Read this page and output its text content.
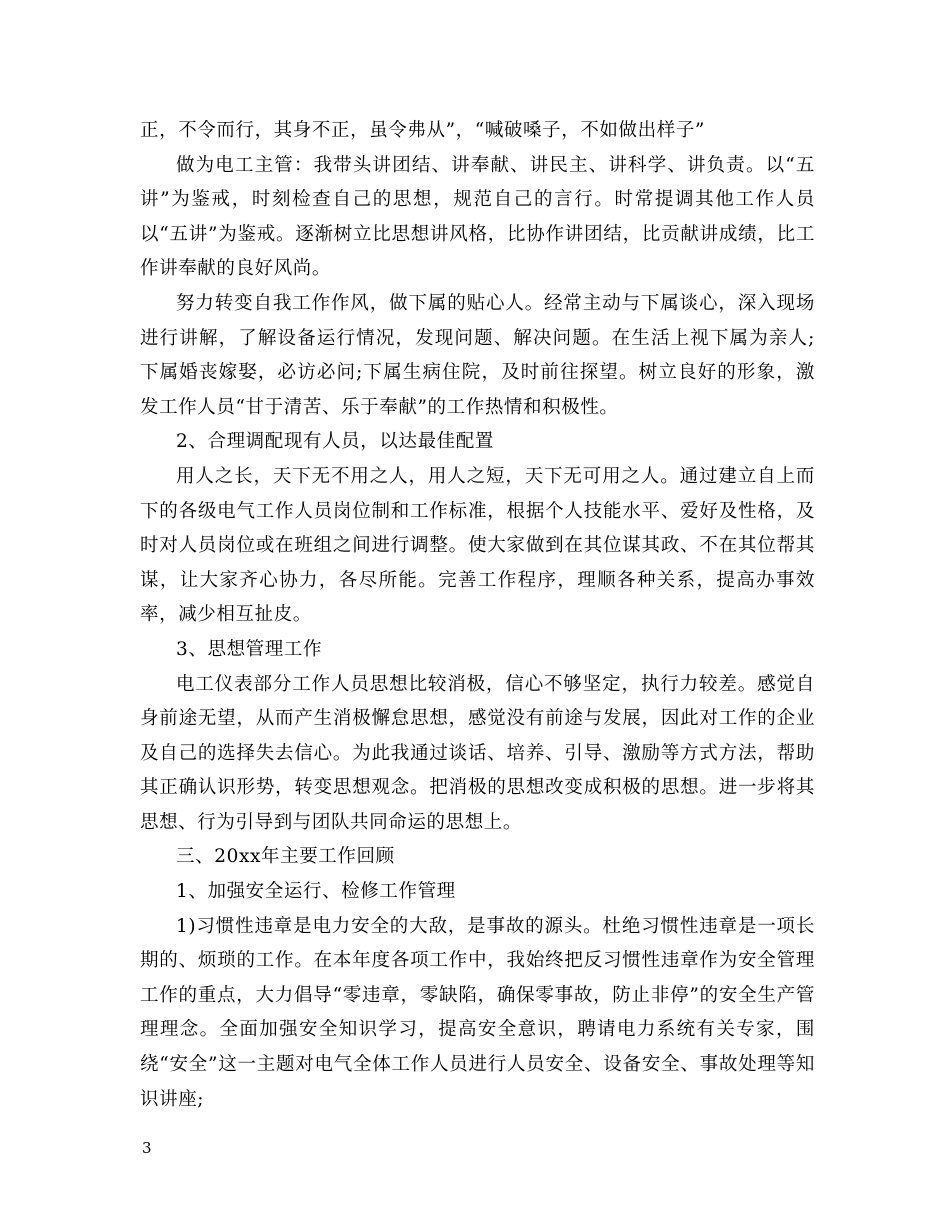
正，不令而行，其身不正，虽令弗从”，“喊破嗓子，不如做出样子”

做为电工主管：我带头讲团结、讲奉献、讲民主、讲科学、讲负责。以“五讲”为鉴戒，时刻检查自己的思想，规范自己的言行。时常提调其他工作人员以“五讲”为鉴戒。逐渐树立比思想讲风格，比协作讲团结，比贡献讲成绩，比工作讲奉献的良好风尚。

努力转变自我工作作风，做下属的贴心人。经常主动与下属谈心，深入现场进行讲解，了解设备运行情况，发现问题、解决问题。在生活上视下属为亲人;下属婚丧嫁娶，必访必问;下属生病住院，及时前往探望。树立良好的形象，激发工作人员“甘于清苦、乐于奉献”的工作热情和积极性。

2、合理调配现有人员，以达最佳配置

用人之长，天下无不用之人，用人之短，天下无可用之人。通过建立自上而下的各级电气工作人员岗位制和工作标准，根据个人技能水平、爱好及性格，及时对人员岗位或在班组之间进行调整。使大家做到在其位谋其政、不在其位帮其谋，让大家齐心协力，各尽所能。完善工作程序，理顺各种关系，提高办事效率，减少相互扯皮。

3、思想管理工作

电工仪表部分工作人员思想比较消极，信心不够坚定，执行力较差。感觉自身前途无望，从而产生消极懈怠思想，感觉没有前途与发展，因此对工作的企业及自己的选择失去信心。为此我通过谈话、培养、引导、激励等方式方法，帮助其正确认识形势，转变思想观念。把消极的思想改变成积极的思想。进一步将其思想、行为引导到与团队共同命运的思想上。

三、20xx年主要工作回顾

1、加强安全运行、检修工作管理

1)习惯性违章是电力安全的大敌，是事故的源头。杜绝习惯性违章是一项长期的、烦琐的工作。在本年度各项工作中，我始终把反习惯性违章作为安全管理工作的重点，大力倡导“零违章，零缺陷，确保零事故，防止非停”的安全生产管理理念。全面加强安全知识学习，提高安全意识，聘请电力系统有关专家，围绕“安全”这一主题对电气全体工作人员进行人员安全、设备安全、事故处理等知识讲座;

3
